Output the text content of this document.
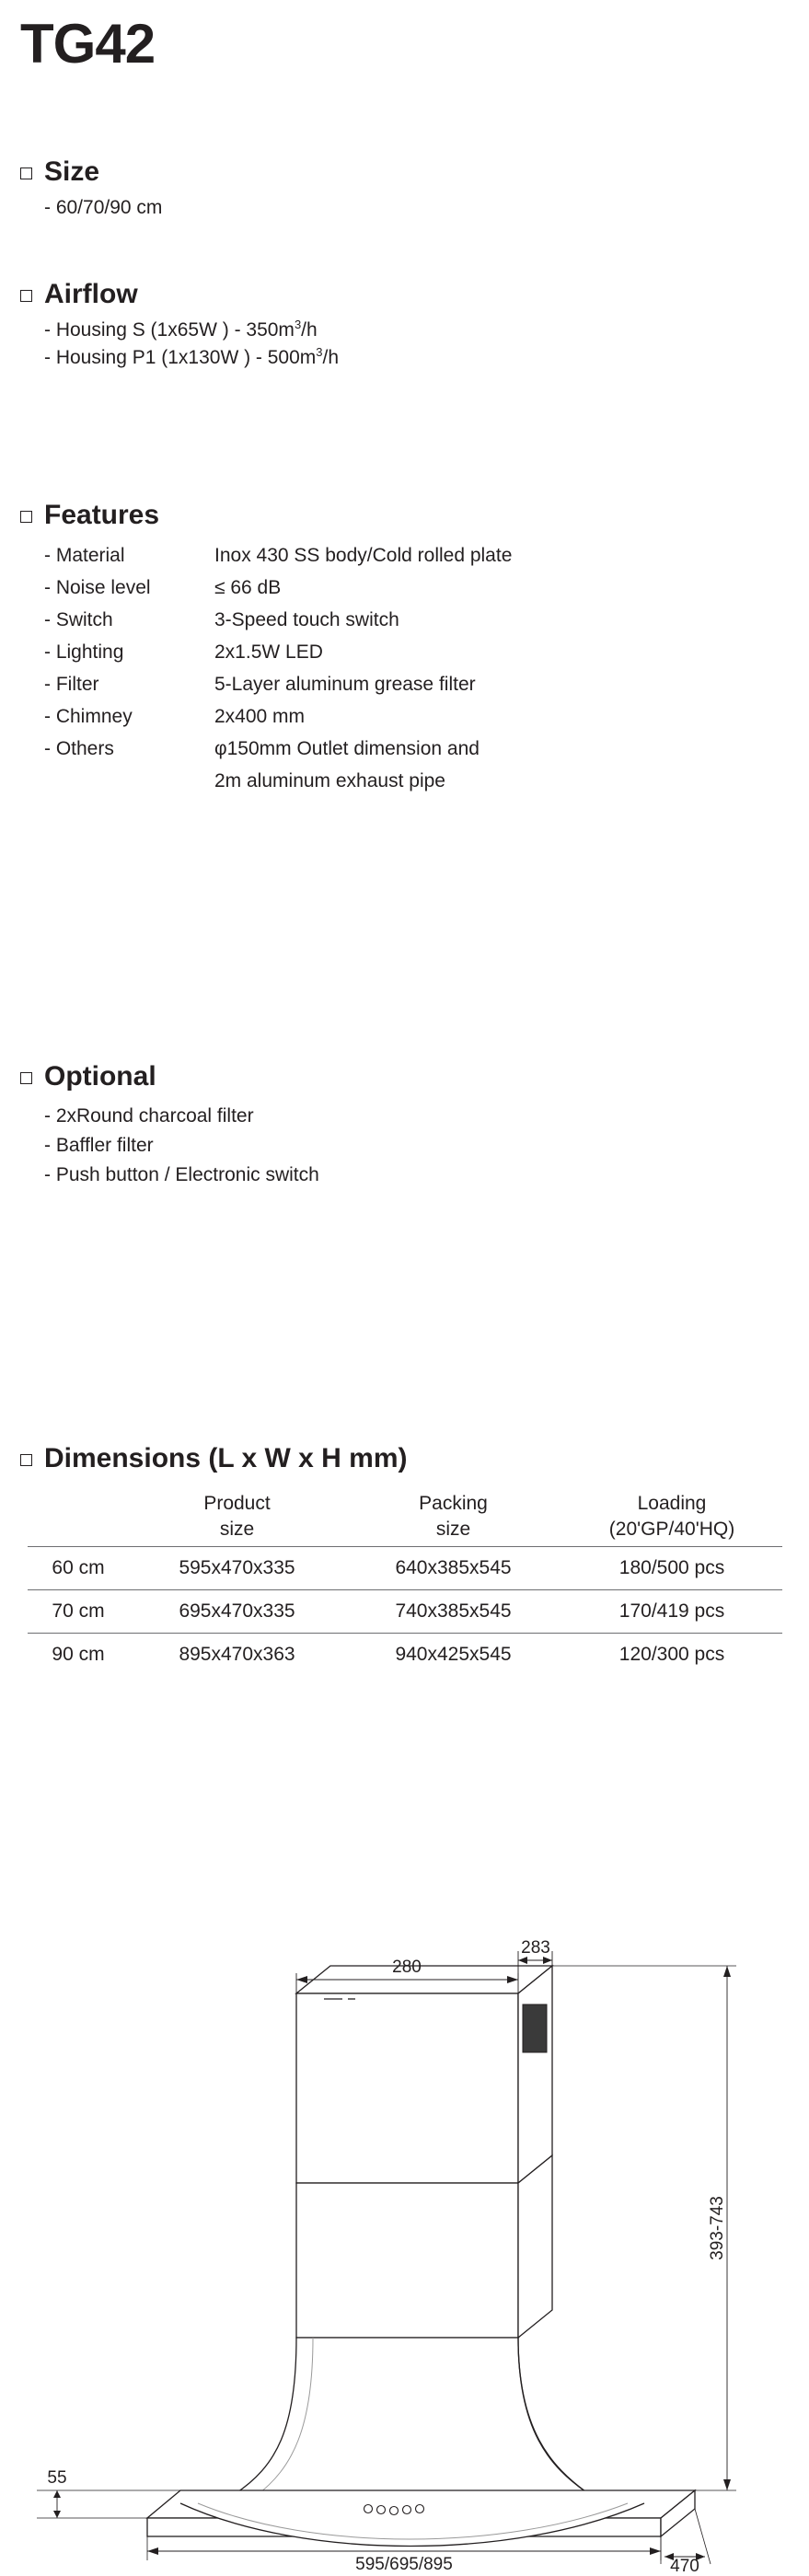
TG42
Size
- 60/70/90 cm
Airflow
- Housing S (1x65W ) - $350m^3/h$
- Housing P1 (1x130W ) - $500m^3/h$
Features
- Material	Inox 430 SS body/Cold rolled plate
- Noise level	≤ 66 dB
- Switch	3-Speed touch switch
- Lighting	2x1.5W LED
- Filter	5-Layer aluminum grease filter
- Chimney	2x400 mm
- Others	φ150mm Outlet dimension and
2m aluminum exhaust pipe
Optional
- 2xRound charcoal filter
- Baffler filter
- Push button / Electronic switch
Dimensions (L x W x H mm)

Product
size

Packing
size

Loading
(20'GP/40'HQ)

60 cm	595x470x335	640x385x545	180/500 pcs
70 cm	695x470x335	740x385x545	170/419 pcs
90 cm	895x470x363	940x425x545	120/300 pcs
280
283
393-743
55
595/695/895	470
